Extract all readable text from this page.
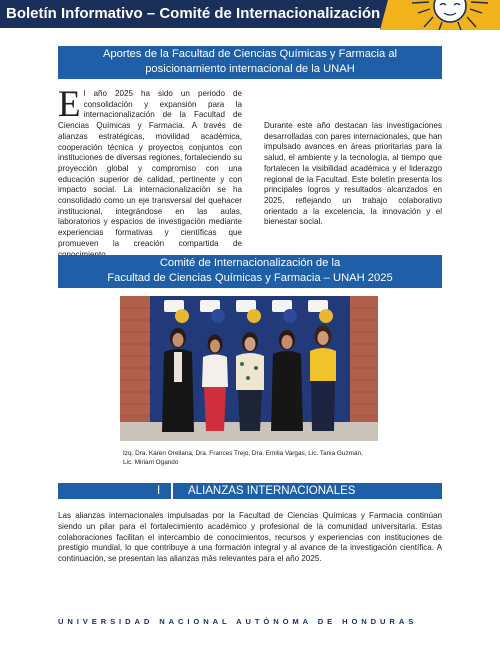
Boletín Informativo – Comité de Internacionalización
Aportes de la Facultad de Ciencias Químicas y Farmacia al
posicionamiento internacional de la UNAH
El año 2025 ha sido un periodo de consolidación y expansión para la internacionalización de la Facultad de Ciencias Químicas y Farmacia. A través de alianzas estratégicas, movilidad académica, cooperación técnica y proyectos conjuntos con instituciones de diversas regiones, fortaleciendo su proyección global y compromiso con una educación superior de calidad, pertinente y con impacto social. La internacionalización se ha consolidado como un eje transversal del quehacer institucional, integrándose en las aulas, laboratorios y espacios de investigación mediante experiencias formativas y científicas que promueven la creación compartida de

Durante este año destacan las investigaciones desarrolladas con pares internacionales, que han impulsado avances en áreas prioritarias para la salud, el ambiente y la tecnología, al tiempo que fortalecen la visibilidad académica y el liderazgo regional de la Facultad. Este boletín presenta los principales logros y resultados alcanzados en 2025, reflejando un trabajo colaborativo orientado a la excelencia, la innovación y el bienestar social.

Comité de Internacionalización de la
Facultad de Ciencias Químicas y Farmacia – UNAH 2025
Izq. Dra. Karen Orellana, Dra. Frances Trejo, Dra. Emilia Vargas, Lic. Tania Guzmán, Lic. Miriam Ogando
I ALIANZAS INTERNACIONALES
Las alianzas internacionales impulsadas por la Facultad de Ciencias Químicas y Farmacia continúan siendo un pilar para el fortalecimiento académico y profesional de la comunidad universitaria. Estas colaboraciones facilitan el intercambio de conocimientos, recursos y experiencias con instituciones de prestigio mundial, lo que contribuye a una formación integral y al avance de la investigación científica. A continuación, se presentan las alianzas más relevantes para el año 2025.
UNIVERSIDAD NACIONAL AUTÓNOMA DE HONDURAS
